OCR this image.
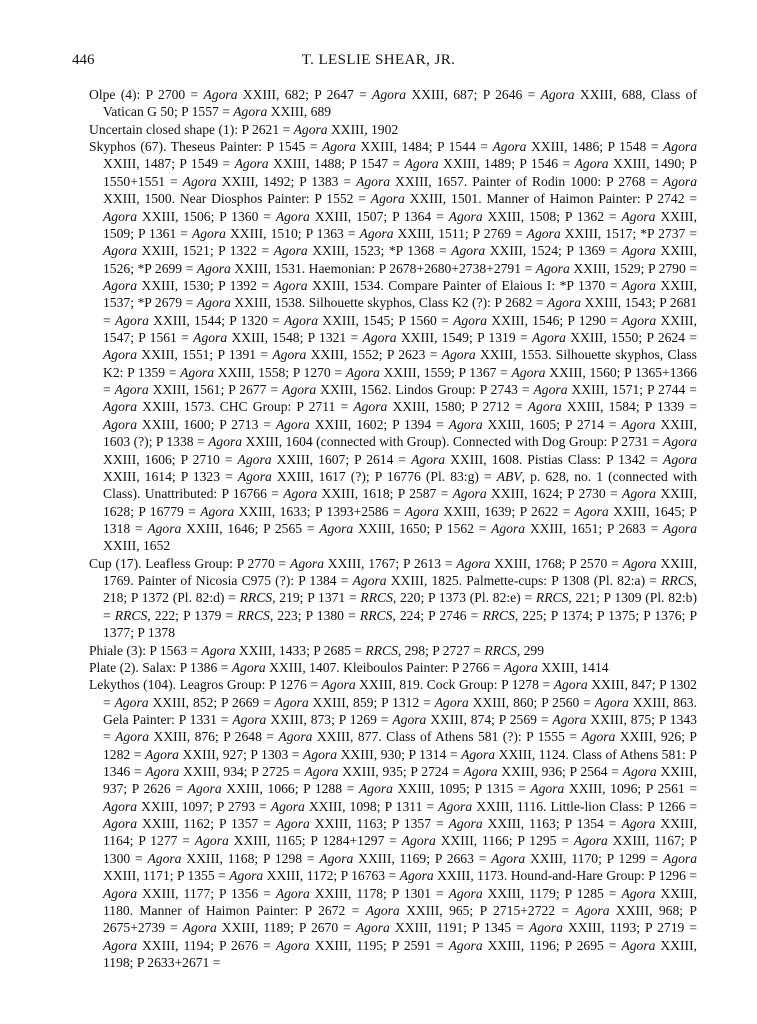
446	T. LESLIE SHEAR, JR.

Olpe (4): P 2700 = Agora XXIII, 682; P 2647 = Agora XXIII, 687; P 2646 = Agora XXIII, 688, Class of Vatican G 50; P 1557 = Agora XXIII, 689

Uncertain closed shape (1): P 2621 = Agora XXIII, 1902

Skyphos (67). Theseus Painter: P 1545 = Agora XXIII, 1484; P 1544 = Agora XXIII, 1486; P 1548 = Agora XXIII, 1487; P 1549 = Agora XXIII, 1488; P 1547 = Agora XXIII, 1489; P 1546 = Agora XXIII, 1490; P 1550+1551 = Agora XXIII, 1492; P 1383 = Agora XXIII, 1657. Painter of Rodin 1000: P 2768 = Agora XXIII, 1500. Near Diosphos Painter: P 1552 = Agora XXIII, 1501. Manner of Haimon Painter: P 2742 = Agora XXIII, 1506; P 1360 = Agora XXIII, 1507; P 1364 = Agora XXIII, 1508; P 1362 = Agora XXIII, 1509; P 1361 = Agora XXIII, 1510; P 1363 = Agora XXIII, 1511; P 2769 = Agora XXIII, 1517; *P 2737 = Agora XXIII, 1521; P 1322 = Agora XXIII, 1523; *P 1368 = Agora XXIII, 1524; P 1369 = Agora XXIII, 1526; *P 2699 = Agora XXIII, 1531. Haemonian: P 2678+2680+2738+2791 = Agora XXIII, 1529; P 2790 = Agora XXIII, 1530; P 1392 = Agora XXIII, 1534. Compare Painter of Elaious I: *P 1370 = Agora XXIII, 1537; *P 2679 = Agora XXIII, 1538. Silhouette skyphos, Class K2 (?): P 2682 = Agora XXIII, 1543; P 2681 = Agora XXIII, 1544; P 1320 = Agora XXIII, 1545; P 1560 = Agora XXIII, 1546; P 1290 = Agora XXIII, 1547; P 1561 = Agora XXIII, 1548; P 1321 = Agora XXIII, 1549; P 1319 = Agora XXIII, 1550; P 2624 = Agora XXIII, 1551; P 1391 = Agora XXIII, 1552; P 2623 = Agora XXIII, 1553. Silhouette skyphos, Class K2: P 1359 = Agora XXIII, 1558; P 1270 = Agora XXIII, 1559; P 1367 = Agora XXIII, 1560; P 1365+1366 = Agora XXIII, 1561; P 2677 = Agora XXIII, 1562. Lindos Group: P 2743 = Agora XXIII, 1571; P 2744 = Agora XXIII, 1573. CHC Group: P 2711 = Agora XXIII, 1580; P 2712 = Agora XXIII, 1584; P 1339 = Agora XXIII, 1600; P 2713 = Agora XXIII, 1602; P 1394 = Agora XXIII, 1605; P 2714 = Agora XXIII, 1603 (?); P 1338 = Agora XXIII, 1604 (connected with Group). Connected with Dog Group: P 2731 = Agora XXIII, 1606; P 2710 = Agora XXIII, 1607; P 2614 = Agora XXIII, 1608. Pistias Class: P 1342 = Agora XXIII, 1614; P 1323 = Agora XXIII, 1617 (?); P 16776 (Pl. 83:g) = ABV, p. 628, no. 1 (connected with Class). Unattributed: P 16766 = Agora XXIII, 1618; P 2587 = Agora XXIII, 1624; P 2730 = Agora XXIII, 1628; P 16779 = Agora XXIII, 1633; P 1393+2586 = Agora XXIII, 1639; P 2622 = Agora XXIII, 1645; P 1318 = Agora XXIII, 1646; P 2565 = Agora XXIII, 1650; P 1562 = Agora XXIII, 1651; P 2683 = Agora XXIII, 1652

Cup (17). Leafless Group: P 2770 = Agora XXIII, 1767; P 2613 = Agora XXIII, 1768; P 2570 = Agora XXIII, 1769. Painter of Nicosia C975 (?): P 1384 = Agora XXIII, 1825. Palmette-cups: P 1308 (Pl. 82:a) = RRCS, 218; P 1372 (Pl. 82:d) = RRCS, 219; P 1371 = RRCS, 220; P 1373 (Pl. 82:e) = RRCS, 221; P 1309 (Pl. 82:b) = RRCS, 222; P 1379 = RRCS, 223; P 1380 = RRCS, 224; P 2746 = RRCS, 225; P 1374; P 1375; P 1376; P 1377; P 1378

Phiale (3): P 1563 = Agora XXIII, 1433; P 2685 = RRCS, 298; P 2727 = RRCS, 299

Plate (2). Salax: P 1386 = Agora XXIII, 1407. Kleiboulos Painter: P 2766 = Agora XXIII, 1414

Lekythos (104). Leagros Group: P 1276 = Agora XXIII, 819. Cock Group: P 1278 = Agora XXIII, 847; P 1302 = Agora XXIII, 852; P 2669 = Agora XXIII, 859; P 1312 = Agora XXIII, 860; P 2560 = Agora XXIII, 863. Gela Painter: P 1331 = Agora XXIII, 873; P 1269 = Agora XXIII, 874; P 2569 = Agora XXIII, 875; P 1343 = Agora XXIII, 876; P 2648 = Agora XXIII, 877. Class of Athens 581 (?): P 1555 = Agora XXIII, 926; P 1282 = Agora XXIII, 927; P 1303 = Agora XXIII, 930; P 1314 = Agora XXIII, 1124. Class of Athens 581: P 1346 = Agora XXIII, 934; P 2725 = Agora XXIII, 935; P 2724 = Agora XXIII, 936; P 2564 = Agora XXIII, 937; P 2626 = Agora XXIII, 1066; P 1288 = Agora XXIII, 1095; P 1315 = Agora XXIII, 1096; P 2561 = Agora XXIII, 1097; P 2793 = Agora XXIII, 1098; P 1311 = Agora XXIII, 1116. Little-lion Class: P 1266 = Agora XXIII, 1162; P 1357 = Agora XXIII, 1163; P 1357 = Agora XXIII, 1163; P 1354 = Agora XXIII, 1164; P 1277 = Agora XXIII, 1165; P 1284+1297 = Agora XXIII, 1166; P 1295 = Agora XXIII, 1167; P 1300 = Agora XXIII, 1168; P 1298 = Agora XXIII, 1169; P 2663 = Agora XXIII, 1170; P 1299 = Agora XXIII, 1171; P 1355 = Agora XXIII, 1172; P 16763 = Agora XXIII, 1173. Hound-and-Hare Group: P 1296 = Agora XXIII, 1177; P 1356 = Agora XXIII, 1178; P 1301 = Agora XXIII, 1179; P 1285 = Agora XXIII, 1180. Manner of Haimon Painter: P 2672 = Agora XXIII, 965; P 2715+2722 = Agora XXIII, 968; P 2675+2739 = Agora XXIII, 1189; P 2670 = Agora XXIII, 1191; P 1345 = Agora XXIII, 1193; P 2719 = Agora XXIII, 1194; P 2676 = Agora XXIII, 1195; P 2591 = Agora XXIII, 1196; P 2695 = Agora XXIII, 1198; P 2633+2671 =
